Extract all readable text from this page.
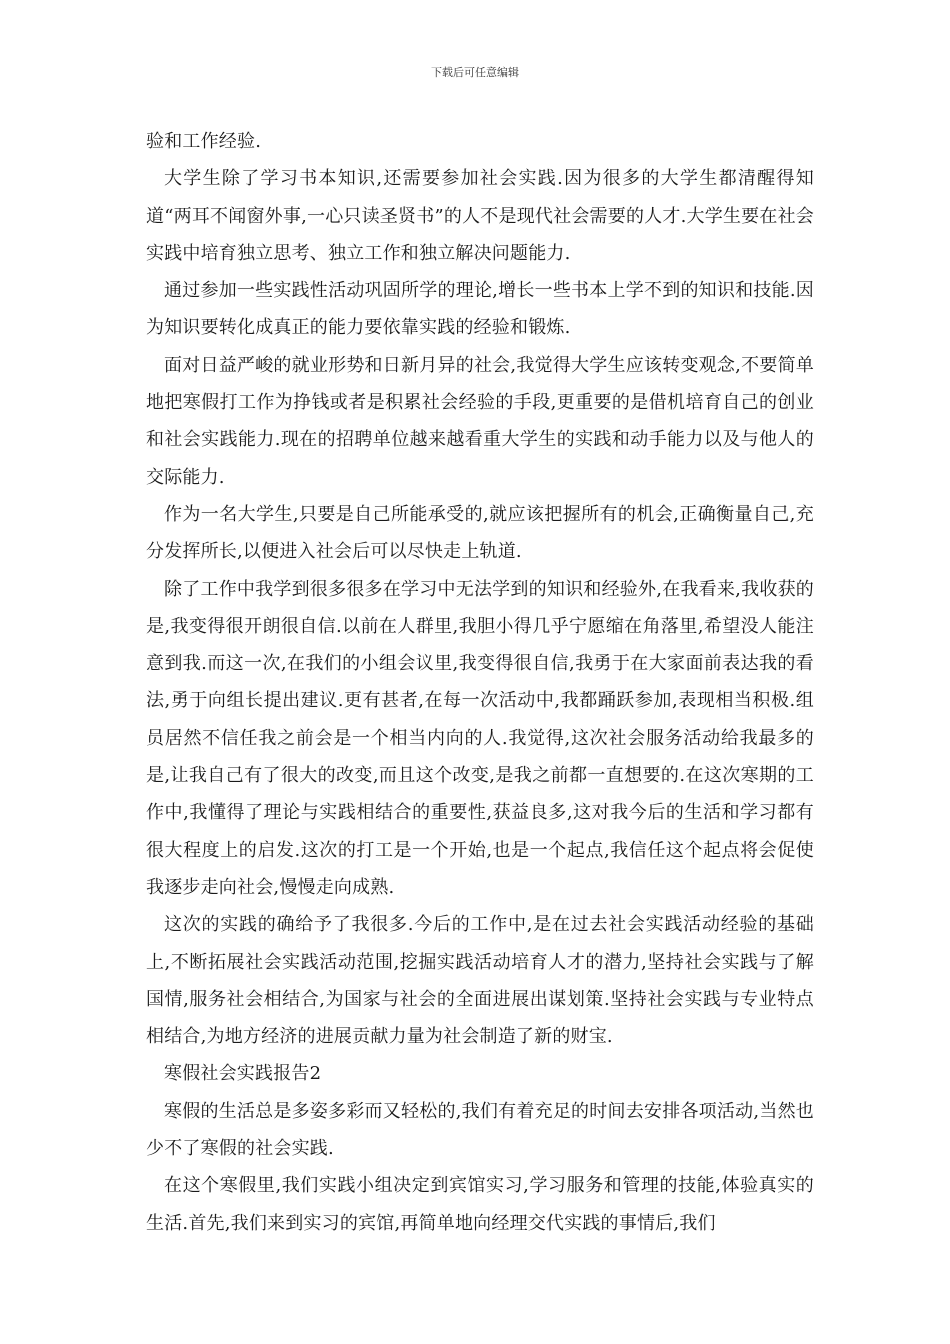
下载后可任意编辑

验和工作经验.

大学生除了学习书本知识,还需要参加社会实践.因为很多的大学生都清醒得知道“两耳不闻窗外事,一心只读圣贤书”的人不是现代社会需要的人才.大学生要在社会实践中培育独立思考、独立工作和独立解决问题能力.

通过参加一些实践性活动巩固所学的理论,增长一些书本上学不到的知识和技能.因为知识要转化成真正的能力要依靠实践的经验和锻炼.

面对日益严峻的就业形势和日新月异的社会,我觉得大学生应该转变观念,不要简单地把寒假打工作为挣钱或者是积累社会经验的手段,更重要的是借机培育自己的创业和社会实践能力.现在的招聘单位越来越看重大学生的实践和动手能力以及与他人的交际能力.

作为一名大学生,只要是自己所能承受的,就应该把握所有的机会,正确衡量自己,充分发挥所长,以便进入社会后可以尽快走上轨道.

除了工作中我学到很多很多在学习中无法学到的知识和经验外,在我看来,我收获的是,我变得很开朗很自信.以前在人群里,我胆小得几乎宁愿缩在角落里,希望没人能注意到我.而这一次,在我们的小组会议里,我变得很自信,我勇于在大家面前表达我的看法,勇于向组长提出建议.更有甚者,在每一次活动中,我都踊跃参加,表现相当积极.组员居然不信任我之前会是一个相当内向的人.我觉得,这次社会服务活动给我最多的是,让我自己有了很大的改变,而且这个改变,是我之前都一直想要的.在这次寒期的工作中,我懂得了理论与实践相结合的重要性,获益良多,这对我今后的生活和学习都有很大程度上的启发.这次的打工是一个开始,也是一个起点,我信任这个起点将会促使我逐步走向社会,慢慢走向成熟.

这次的实践的确给予了我很多.今后的工作中,是在过去社会实践活动经验的基础上,不断拓展社会实践活动范围,挖掘实践活动培育人才的潜力,坚持社会实践与了解国情,服务社会相结合,为国家与社会的全面进展出谋划策.坚持社会实践与专业特点相结合,为地方经济的进展贡献力量为社会制造了新的财宝.

寒假社会实践报告2

寒假的生活总是多姿多彩而又轻松的,我们有着充足的时间去安排各项活动,当然也少不了寒假的社会实践.

在这个寒假里,我们实践小组决定到宾馆实习,学习服务和管理的技能,体验真实的生活.首先,我们来到实习的宾馆,再简单地向经理交代实践的事情后,我们
